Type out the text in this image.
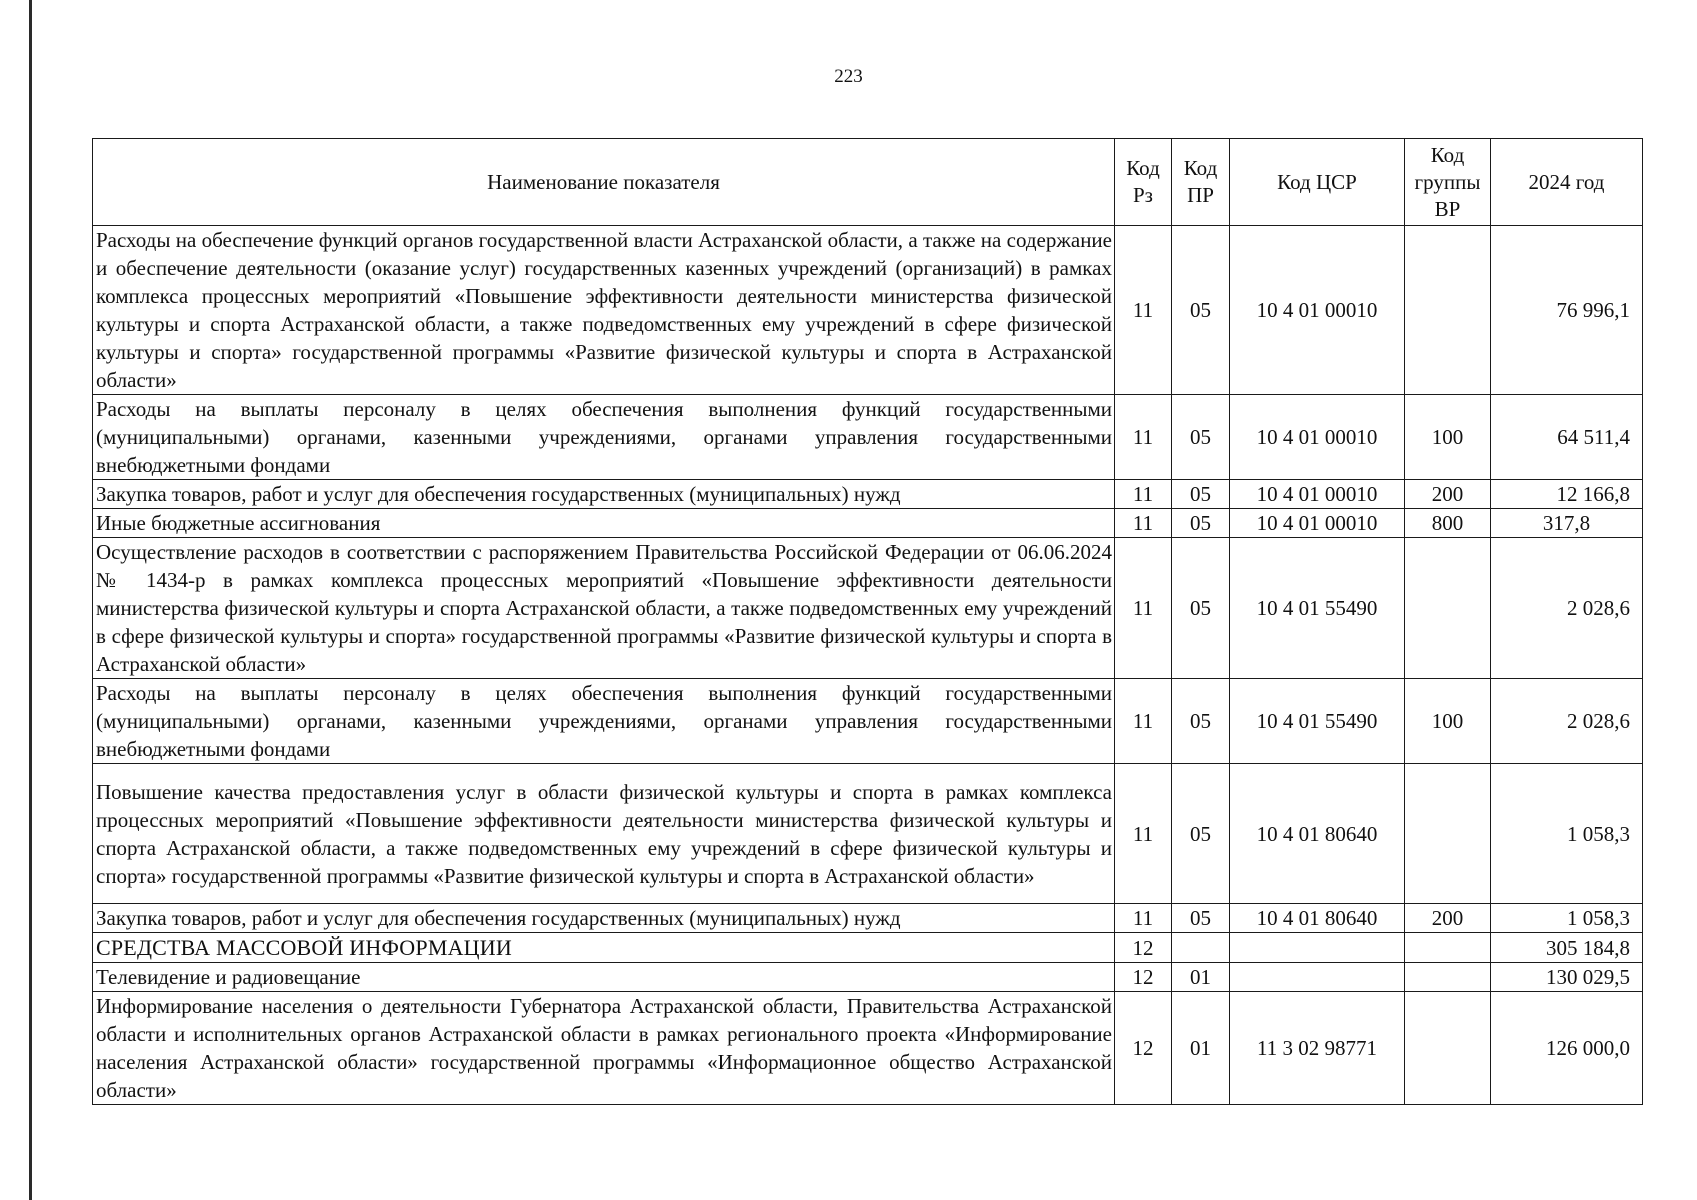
223
Наименование показателя	Код Рз	Код ПР	Код ЦСР	Код группы ВР	2024 год
Расходы на обеспечение функций органов государственной власти Астраханской области, а также на содержание и обеспечение деятельности (оказание услуг) государственных казенных учреждений (организаций) в рамках комплекса процессных мероприятий «Повышение эффективности деятельности министерства физической культуры и спорта Астраханской области, а также подведомственных ему учреждений в сфере физической культуры и спорта» государственной программы «Развитие физической культуры и спорта в Астраханской области»	11	05	10 4 01 00010		76 996,1
Расходы на выплаты персоналу в целях обеспечения выполнения функций государственными (муниципальными) органами, казенными учреждениями, органами управления государственными внебюджетными фондами	11	05	10 4 01 00010	100	64 511,4
Закупка товаров, работ и услуг для обеспечения государственных (муниципальных) нужд	11	05	10 4 01 00010	200	12 166,8
Иные бюджетные ассигнования	11	05	10 4 01 00010	800	317,8
Осуществление расходов в соответствии с распоряжением Правительства Российской Федерации от 06.06.2024 № 1434-р в рамках комплекса процессных мероприятий «Повышение эффективности деятельности министерства физической культуры и спорта Астраханской области, а также подведомственных ему учреждений в сфере физической культуры и спорта» государственной программы «Развитие физической культуры и спорта в Астраханской области»	11	05	10 4 01 55490		2 028,6
Расходы на выплаты персоналу в целях обеспечения выполнения функций государственными (муниципальными) органами, казенными учреждениями, органами управления государственными внебюджетными фондами	11	05	10 4 01 55490	100	2 028,6
Повышение качества предоставления услуг в области физической культуры и спорта в рамках комплекса процессных мероприятий «Повышение эффективности деятельности министерства физической культуры и спорта Астраханской области, а также подведомственных ему учреждений в сфере физической культуры и спорта» государственной программы «Развитие физической культуры и спорта в Астраханской области»	11	05	10 4 01 80640		1 058,3
Закупка товаров, работ и услуг для обеспечения государственных (муниципальных) нужд	11	05	10 4 01 80640	200	1 058,3
СРЕДСТВА МАССОВОЙ ИНФОРМАЦИИ	12				305 184,8
Телевидение и радиовещание	12	01			130 029,5
Информирование населения о деятельности Губернатора Астраханской области, Правительства Астраханской области и исполнительных органов Астраханской области в рамках регионального проекта «Информирование населения Астраханской области» государственной программы «Информационное общество Астраханской области»	12	01	11 3 02 98771		126 000,0
